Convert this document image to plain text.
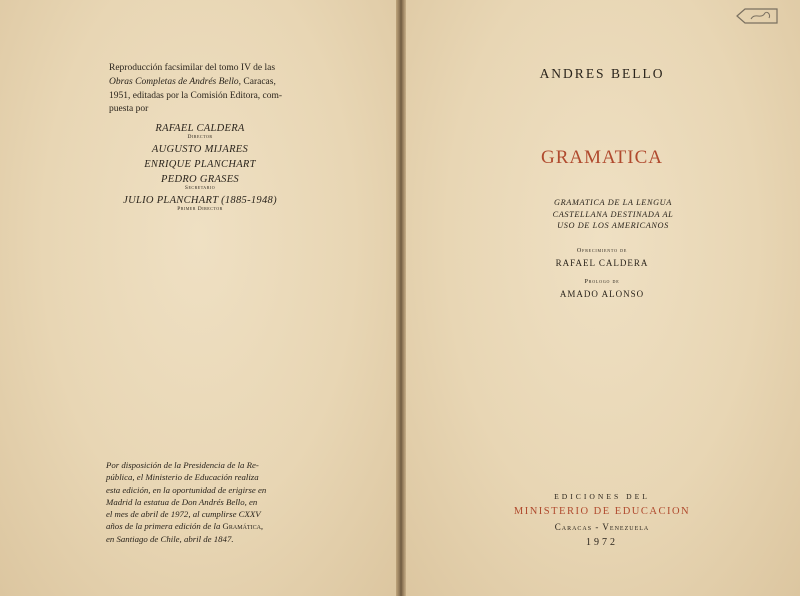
Reproducción facsimilar del tomo IV de las
Obras Completas de Andrés Bello, Caracas,
1951, editadas por la Comisión Editora, com-
puesta por
RAFAEL CALDERA
Director
AUGUSTO MIJARES
ENRIQUE PLANCHART
PEDRO GRASES
Secretario
JULIO PLANCHART (1885-1948)
Primer Director
Por disposición de la Presidencia de la Re-
pública, el Ministerio de Educación realiza
esta edición, en la oportunidad de erigirse en
Madrid la estatua de Don Andrés Bello, en
el mes de abril de 1972, al cumplirse CXXV
años de la primera edición de la Gramática,
en Santiago de Chile, abril de 1847.
ANDRES BELLO
GRAMATICA
GRAMATICA DE LA LENGUA
CASTELLANA DESTINADA AL
USO DE LOS AMERICANOS
Ofrecimiento de
RAFAEL CALDERA
Prologo de
AMADO ALONSO
EDICIONES DEL
MINISTERIO DE EDUCACION
Caracas - Venezuela
1972
